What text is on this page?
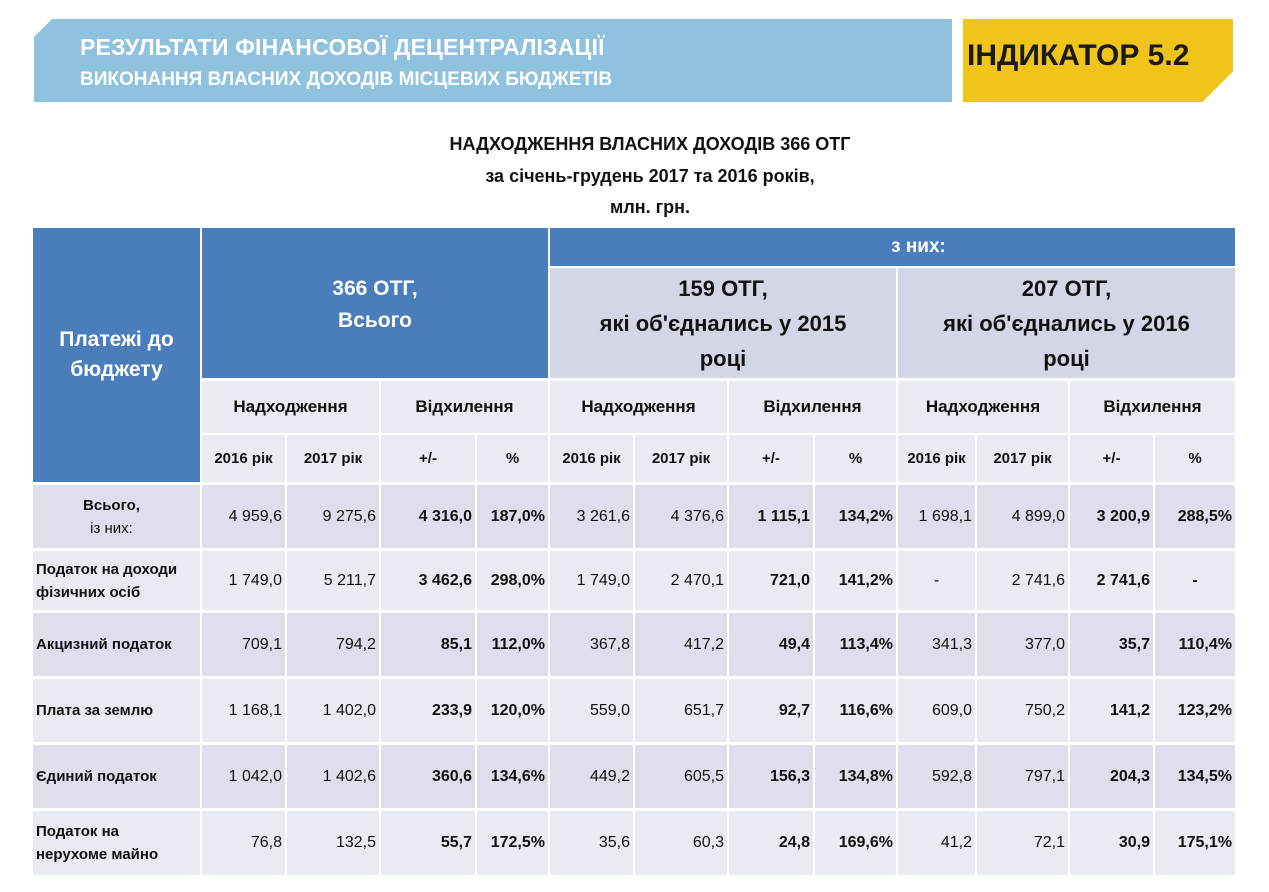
РЕЗУЛЬТАТИ ФІНАНСОВОЇ ДЕЦЕНТРАЛІЗАЦІЇ
ВИКОНАННЯ ВЛАСНИХ ДОХОДІВ МІСЦЕВИХ БЮДЖЕТІВ
ІНДИКАТОР 5.2
НАДХОДЖЕННЯ ВЛАСНИХ ДОХОДІВ 366 ОТГ
за січень-грудень 2017 та 2016 років,
млн. грн.
Платежі до бюджету
366 ОТГ,
Всього
з них:
159 ОТГ,
які об'єднались у 2015
році
207 ОТГ,
які об'єднались у 2016
році
Надходження	Відхилення	Надходження	Відхилення	Надходження	Відхилення
2016 рік	2017 рік	+/-	%	2016 рік	2017 рік	+/-	%	2016 рік	2017 рік	+/-	%
Всього,
із них:
4 959,6	9 275,6	4 316,0	187,0%	3 261,6	4 376,6	1 115,1	134,2%	1 698,1	4 899,0	3 200,9	288,5%
Податок на доходи
фізичних осіб
1 749,0	5 211,7	3 462,6	298,0%	1 749,0	2 470,1	721,0	141,2%	-	2 741,6	2 741,6	-
Акцизний податок	709,1	794,2	85,1	112,0%	367,8	417,2	49,4	113,4%	341,3	377,0	35,7	110,4%
Плата за землю	1 168,1	1 402,0	233,9	120,0%	559,0	651,7	92,7	116,6%	609,0	750,2	141,2	123,2%
Єдиний податок	1 042,0	1 402,6	360,6	134,6%	449,2	605,5	156,3	134,8%	592,8	797,1	204,3	134,5%
Податок на
нерухоме майно
76,8	132,5	55,7	172,5%	35,6	60,3	24,8	169,6%	41,2	72,1	30,9	175,1%
